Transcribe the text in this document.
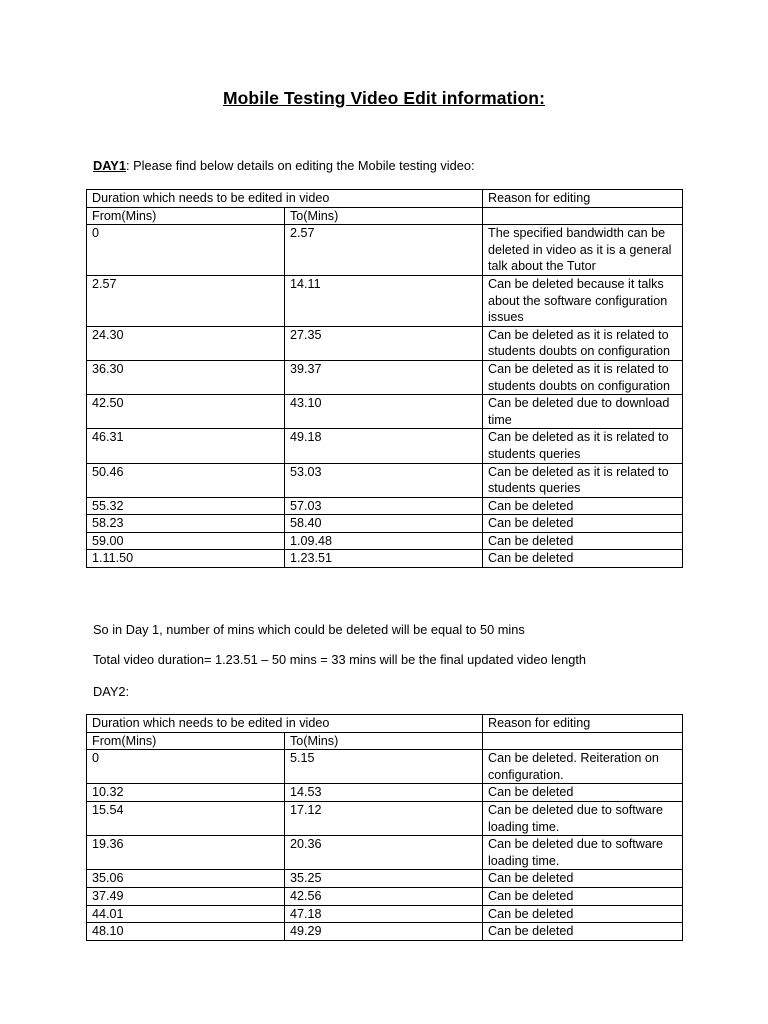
Mobile Testing Video Edit information:
DAY1: Please find below details on editing the Mobile testing video:
Duration which needs to be edited in video		Reason for editing
From(Mins)	To(Mins)	
0	2.57	The specified bandwidth can be deleted in video as it is a general talk about the Tutor
2.57	14.11	Can be deleted because it talks about the software configuration issues
24.30	27.35	Can be deleted as it is related to students doubts on configuration
36.30	39.37	Can be deleted as it is related to students doubts on configuration
42.50	43.10	Can be deleted due to download time
46.31	49.18	Can be deleted as it is related to students queries
50.46	53.03	Can be deleted as it is related to students queries
55.32	57.03	Can be deleted
58.23	58.40	Can be deleted
59.00	1.09.48	Can be deleted
1.11.50	1.23.51	Can be deleted
So in Day 1, number of mins which could be deleted will be equal to 50 mins
Total video duration= 1.23.51 – 50 mins = 33 mins will be the final updated video length
DAY2:
Duration which needs to be edited in video		Reason for editing
From(Mins)	To(Mins)	
0	5.15	Can be deleted. Reiteration on configuration.
10.32	14.53	Can be deleted
15.54	17.12	Can be deleted due to software loading time.
19.36	20.36	Can be deleted due to software loading time.
35.06	35.25	Can be deleted
37.49	42.56	Can be deleted
44.01	47.18	Can be deleted
48.10	49.29	Can be deleted
